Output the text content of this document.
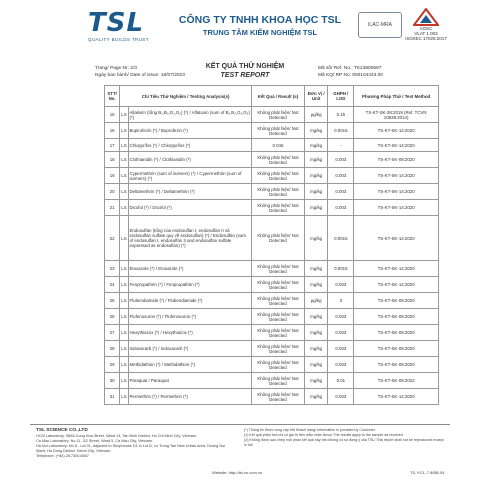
TSL
QUALITY BUILDS TRUST
CÔNG TY TNHH KHOA HỌC TSL
TRUNG TÂM KIỂM NGHIỆM TSL
ILAC-MRA
AOSC
VLAT 1.003
ISO/IEC 17025:2017
Trang/ Page Nr: 2/3
Ngày ban hành/ Date of issue: 18/07/2023
KẾT QUẢ THỬ NGHIỆM
TEST REPORT
Mã số/ Ref. No.: TK23800597
Mã KQ/ RP No: 800104443.00
STT/ No.	Chỉ Tiêu Thử Nghiệm / Testing Analysis(s)		Kết Quả / Result (s)	Đơn Vị / Unit	GHPH / LOD	Phương Pháp Thử / Test Method
15	LS	Allaksim (tổng B₁,B₂,G₁,G₂) (*) / Aflatoxin (sum of B₁,B₂,G₁,G₂) (*)	Không phát hiện/ Not Detected	µg/kg	0.15	TS-KT-SK-38:2019 (Ref. TCVN 10838:2014)
16	LS	Bupirofezin (*) / Buprofezin (*)	Không phát hiện/ Not Detected	mg/kg	0.0015	TS-KT-SK-14:2020
17	LS	Chlopyrifos (*) / Chlorpyrifos (*)	0.046	mg/kg	-	TS-KT-SK-14:2020
18	LS	Clothianidin (*) / Clothianidin (*)	Không phát hiện/ Not Detected	mg/kg	0.003	TS-KT-SK-09:2020
19	LS	Cypermethrin (sum of isomers) (*) / Cypermethrin (sum of isomers) (*)	Không phát hiện/ Not Detected	mg/kg	0.003	TS-KT-SK-14:2020
20	LS	Deltamethrin (*) / Deltamethrin (*)	Không phát hiện/ Not Detected	mg/kg	0.003	TS-KT-SK-14:2020
21	LS	Dicofol (*) / Dicofol (*)	Không phát hiện/ Not Detected	mg/kg	0.003	TS-KT-SK-14:2020
22	LS	Endosulfan (tổng của endosulfan I, endosulfan II và endosulfan sulfate quy về endosulfan) (*) / Endosulfan (sum of endosulfan I, endosulfan II and endosulfan sulfate expressed as endosulfan) (*)	Không phát hiện/ Not Detected	mg/kg	0.0015	TS-KT-SK-14:2020
23	LS	Etoxazole (*) / Etoxazole (*)	Không phát hiện/ Not Detected	mg/kg	0.0015	TS-KT-SK-14:2020
24	LS	Fenpropathrin (*) / Fenpropathrin (*)	Không phát hiện/ Not Detected	mg/kg	0.003	TS-KT-SK-14:2020
25	LS	Flubendiamide (*) / Flubendiamide (*)	Không phát hiện/ Not Detected	µg/kg	3	TS-KT-SK-09:2020
26	LS	Flufenoxuron (*) / Flufenoxuron (*)	Không phát hiện/ Not Detected	mg/kg	0.003	TS-KT-SK-09:2020
27	LS	Hexythiazox (*) / Hexythiazox (*)	Không phát hiện/ Not Detected	mg/kg	0.003	TS-KT-SK-09:2020
28	LS	Indoxacarb (*) / Indoxacarb (*)	Không phát hiện/ Not Detected	mg/kg	0.003	TS-KT-SK-09:2020
29	LS	Methidathion (*) / Methidathion (*)	Không phát hiện/ Not Detected	mg/kg	0.003	TS-KT-SK-09:2020
30	LS	Paraquat / Paraquat	Không phát hiện/ Not Detected	mg/kg	0.01	TS-KT-SK-09:2022
31	LS	Permethrin (*) / Permethrin (*)	Không phát hiện/ Not Detected	mg/kg	0.003	TS-KT-SK-14:2020
TSL SCIENCE CO.,LTD
HCM Laboratory: 980A Cong Hoa Street, Ward 13, Tan Binh District, Ho Chi Minh City, Vietnam.
Ca Mau Laboratory: No 11, 3/2 Street, Ward 5, Ca Mau City, Vietnam.
Ha Noi Laboratory: No 8 - Lot 01, adjacent to Shophouse D1 in Lot D, Le Trong Tan New Urban Area, Duong Noi Ward, Ha Dong District, Hanoi City, Vietnam.
Telephone: (+84) 28.7300.6667
(*) Thông tin được cung cấp bởi Khách hàng/ Information is provided by Customer
(1) Kết quả phân tích chỉ có giá trị trên mẫu nhận được/ The results apply to the sample as received
(2) Không được sao chép một phần kết quả này nếu không có sự đồng ý của TSL/ This report shall not be reproduced except in full
Website: http://tsl-vn.com.vn	TS-Y/CL-7.8/BB-04
